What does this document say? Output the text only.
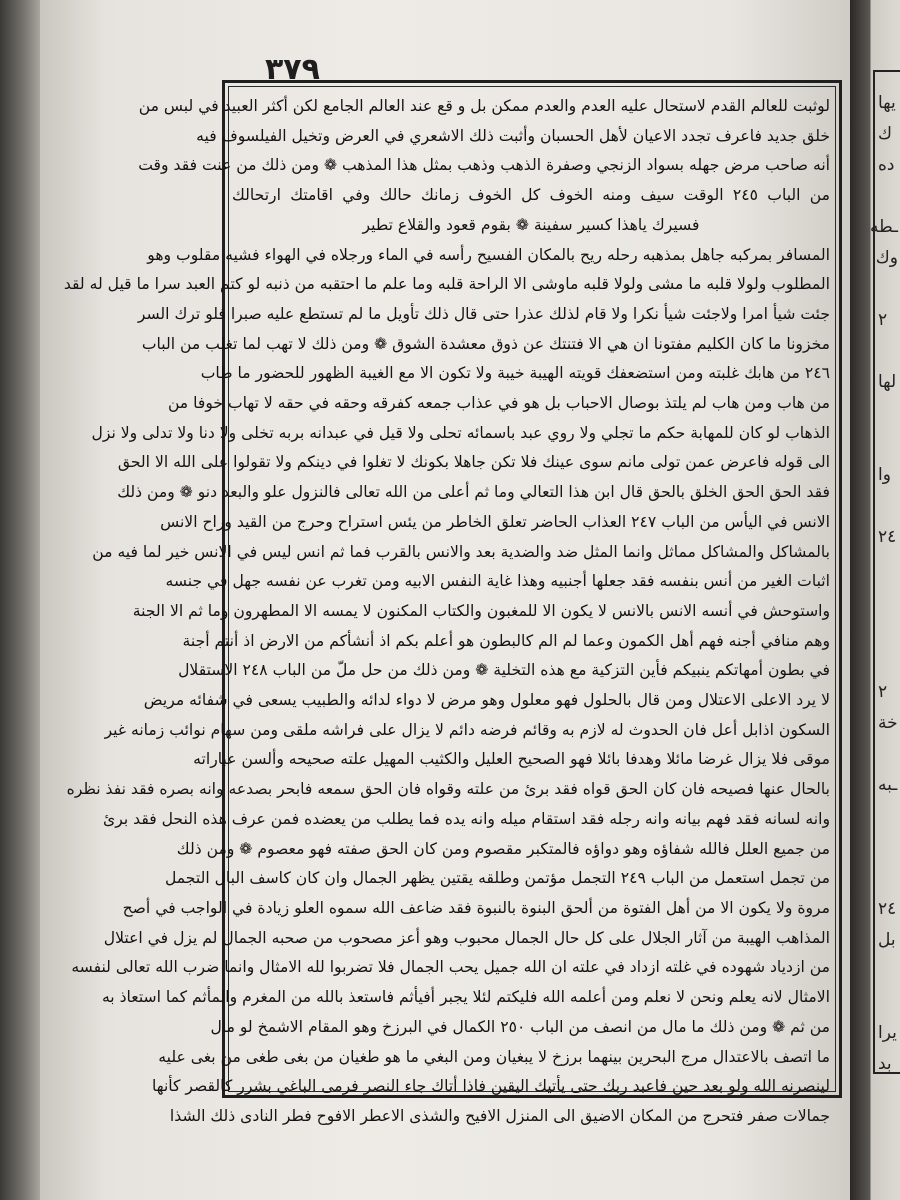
يها
ك
ده
ـطه
وك
٢
لها
وا
٢٤
٢
خة
ـبه
٢٤
بل
يرا
بد
٣٧٩
لوثبت للعالم القدم لاستحال عليه العدم والعدم ممكن بل و قع عند العالم الجامع لكن أكثر العبيد في لبس من
خلق جديد فاعرف تجدد الاعيان لأهل الحسبان وأثبت ذلك الاشعري في العرض وتخيل الفيلسوف فيه
أنه صاحب مرض جهله بسواد الزنجي وصفرة الذهب وذهب بمثل هذا المذهب ❁ ومن ذلك من عنت فقد وقت
من الباب ٢٤٥ الوقت سيف ومنه الخوف كل الخوف زمانك حالك وفي اقامتك ارتحالك
فسيرك ياهذا كسير سفينة ❁ بقوم قعود والقلاع تطير
المسافر بمركبه جاهل بمذهبه رحله ريح بالمكان الفسيح رأسه في الماء ورجلاه في الهواء فشيه مقلوب وهو
المطلوب ولولا قلبه ما مشى ولولا قلبه ماوشى الا الراحة قلبه وما علم ما احتقبه من ذنبه لو كتم العبد سرا ما قيل له لقد
جئت شيأ امرا ولاجئت شيأ نكرا ولا قام لذلك عذرا حتى قال ذلك تأويل ما لم تستطع عليه صبرا فلو ترك السر
مخزونا ما كان الكليم مفتونا ان هي الا فتنتك عن ذوق معشدة الشوق ❁ ومن ذلك لا تهب لما تغلب من الباب
٢٤٦ من هابك غلبته ومن استضعفك قويته الهيبة خيبة ولا تكون الا مع الغيبة الظهور للحضور ما طاب
من هاب ومن هاب لم يلتذ بوصال الاحباب بل هو في عذاب جمعه كفرقه وحقه في حقه لا تهاب خوفا من
الذهاب لو كان للمهابة حكم ما تجلي ولا روي عبد باسمائه تحلى ولا قيل في عبدانه بربه تخلى ولا دنا ولا تدلى ولا نزل
الى قوله فاعرض عمن تولى مانم سوى عينك فلا تكن جاهلا بكونك لا تغلوا في دينكم ولا تقولوا على الله الا الحق
فقد الحق الحق الخلق بالحق قال ابن هذا التعالي وما ثم أعلى من الله تعالى فالنزول علو والبعد دنو ❁ ومن ذلك
الانس في اليأس من الباب ٢٤٧ العذاب الحاضر تعلق الخاطر من يئس استراح وحرج من القيد وراح الانس
بالمشاكل والمشاكل مماثل وانما المثل ضد والضدية بعد والانس بالقرب فما ثم انس ليس في الانس خير لما فيه من
اثبات الغير من أنس بنفسه فقد جعلها أجنبيه وهذا غاية النفس الابيه ومن تغرب عن نفسه جهل في جنسه
واستوحش في أنسه الانس بالانس لا يكون الا للمغبون والكتاب المكنون لا يمسه الا المطهرون وما ثم الا الجنة
وهم منافي أجنه فهم أهل الكمون وعما لم الم كالبطون هو أعلم بكم اذ أنشأكم من الارض اذ أنتم أجنة
في بطون أمهاتكم ينبيكم فأين التزكية مع هذه التخلية ❁ ومن ذلك من حل ملّ من الباب ٢٤٨ الاستقلال
لا يرد الاعلى الاعتلال ومن قال بالحلول فهو معلول وهو مرض لا دواء لدائه والطبيب يسعى في شفائه مريض
السكون اذابل أعل فان الحدوث له لازم به وقائم فرضه دائم لا يزال على فراشه ملقى ومن سهام نوائب زمانه غير
موقى فلا يزال غرضا مائلا وهدفا بائلا فهو الصحيح العليل والكثيب المهيل علته صحيحه وألسن عباراته
بالحال عنها فصيحه فان كان الحق قواه فقد برئ من علته وقواه فان الحق سمعه فابحر بصدعه وانه بصره فقد نفذ نظره
وانه لسانه فقد فهم بيانه وانه رجله فقد استقام ميله وانه يده فما يطلب من يعضده فمن عرف هذه النحل فقد برئ
من جميع العلل فالله شفاؤه وهو دواؤه فالمتكبر مقصوم ومن كان الحق صفته فهو معصوم ❁ ومن ذلك
من تجمل استعمل من الباب ٢٤٩ التجمل مؤتمن وطلقه يقتين يظهر الجمال وان كان كاسف البال التجمل
مروة ولا يكون الا من أهل الفتوة من ألحق البنوة بالنبوة فقد ضاعف الله سموه العلو زيادة في الواجب في أصح
المذاهب الهيبة من آثار الجلال على كل حال الجمال محبوب وهو أعز مصحوب من صحبه الجمال لم يزل في اعتلال
من ازدياد شهوده في غلته ازداد في علته ان الله جميل يحب الجمال فلا تضربوا لله الامثال وانما ضرب الله تعالى لنفسه
الامثال لانه يعلم ونحن لا نعلم ومن أعلمه الله فليكتم لئلا يجبر أفيأثم فاستعذ بالله من المغرم والمأثم كما استعاذ به
من ثم ❁ ومن ذلك ما مال من انصف من الباب ٢٥٠ الكمال في البرزخ وهو المقام الاشمخ لو مال
ما اتصف بالاعتدال مرج البحرين بينهما برزخ لا يبغيان ومن البغي ما هو طغيان من بغى طغى من بغى عليه
لينصرنه الله ولو بعد حين فاعبد ربك حتى يأتيك اليقين فاذا أتاك جاء النصر فرمى الباغي بشرر كالقصر كأنها
جمالات صفر فتحرج من المكان الاضيق الى المنزل الافيح والشذى الاعطر الافوح فطر النادى ذلك الشذا
